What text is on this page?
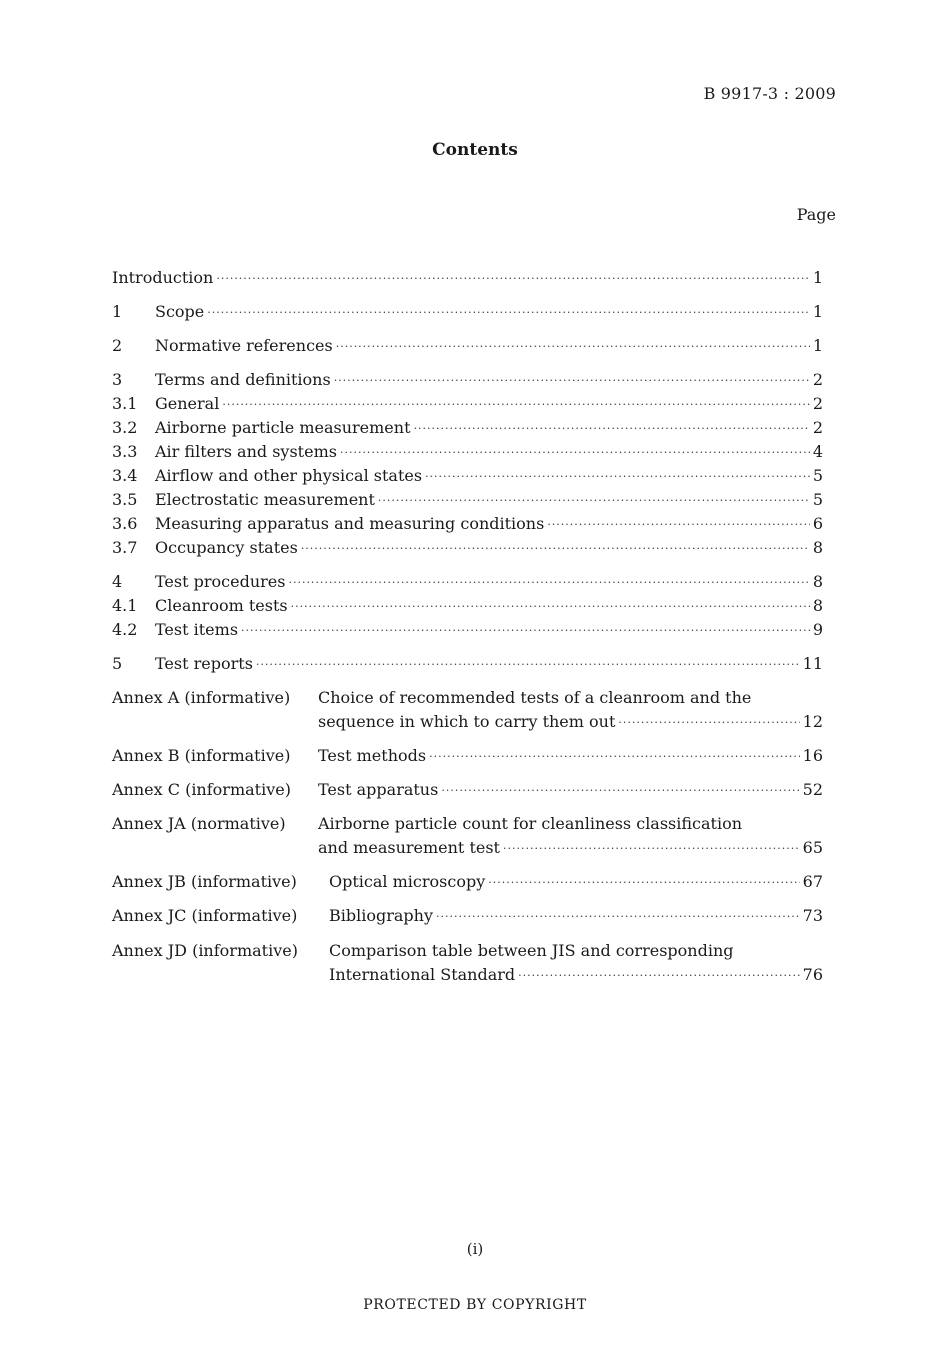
B 9917-3 : 2009
Contents
Page
Introduction ·····	1
1	Scope ·····	1
2	Normative references ·····	1
3	Terms and definitions ·····	2
3.1	General ·····	2
3.2	Airborne particle measurement ·····	2
3.3	Air filters and systems ·····	4
3.4	Airflow and other physical states ·····	5
3.5	Electrostatic measurement ·····	5
3.6	Measuring apparatus and measuring conditions ·····	6
3.7	Occupancy states ·····	8
4	Test procedures ·····	8
4.1	Cleanroom tests ·····	8
4.2	Test items ·····	9
5	Test reports ·····	11
Annex A (informative) Choice of recommended tests of a cleanroom and the
sequence in which to carry them out ·····	12
Annex B (informative) Test methods ·····	16
Annex C (informative) Test apparatus ·····	52
Annex JA (normative) Airborne particle count for cleanliness classification
and measurement test ·····	65
Annex JB (informative) Optical microscopy ·····	67
Annex JC (informative) Bibliography ·····	73
Annex JD (informative) Comparison table between JIS and corresponding
International Standard ·····	76
(i)
PROTECTED BY COPYRIGHT
